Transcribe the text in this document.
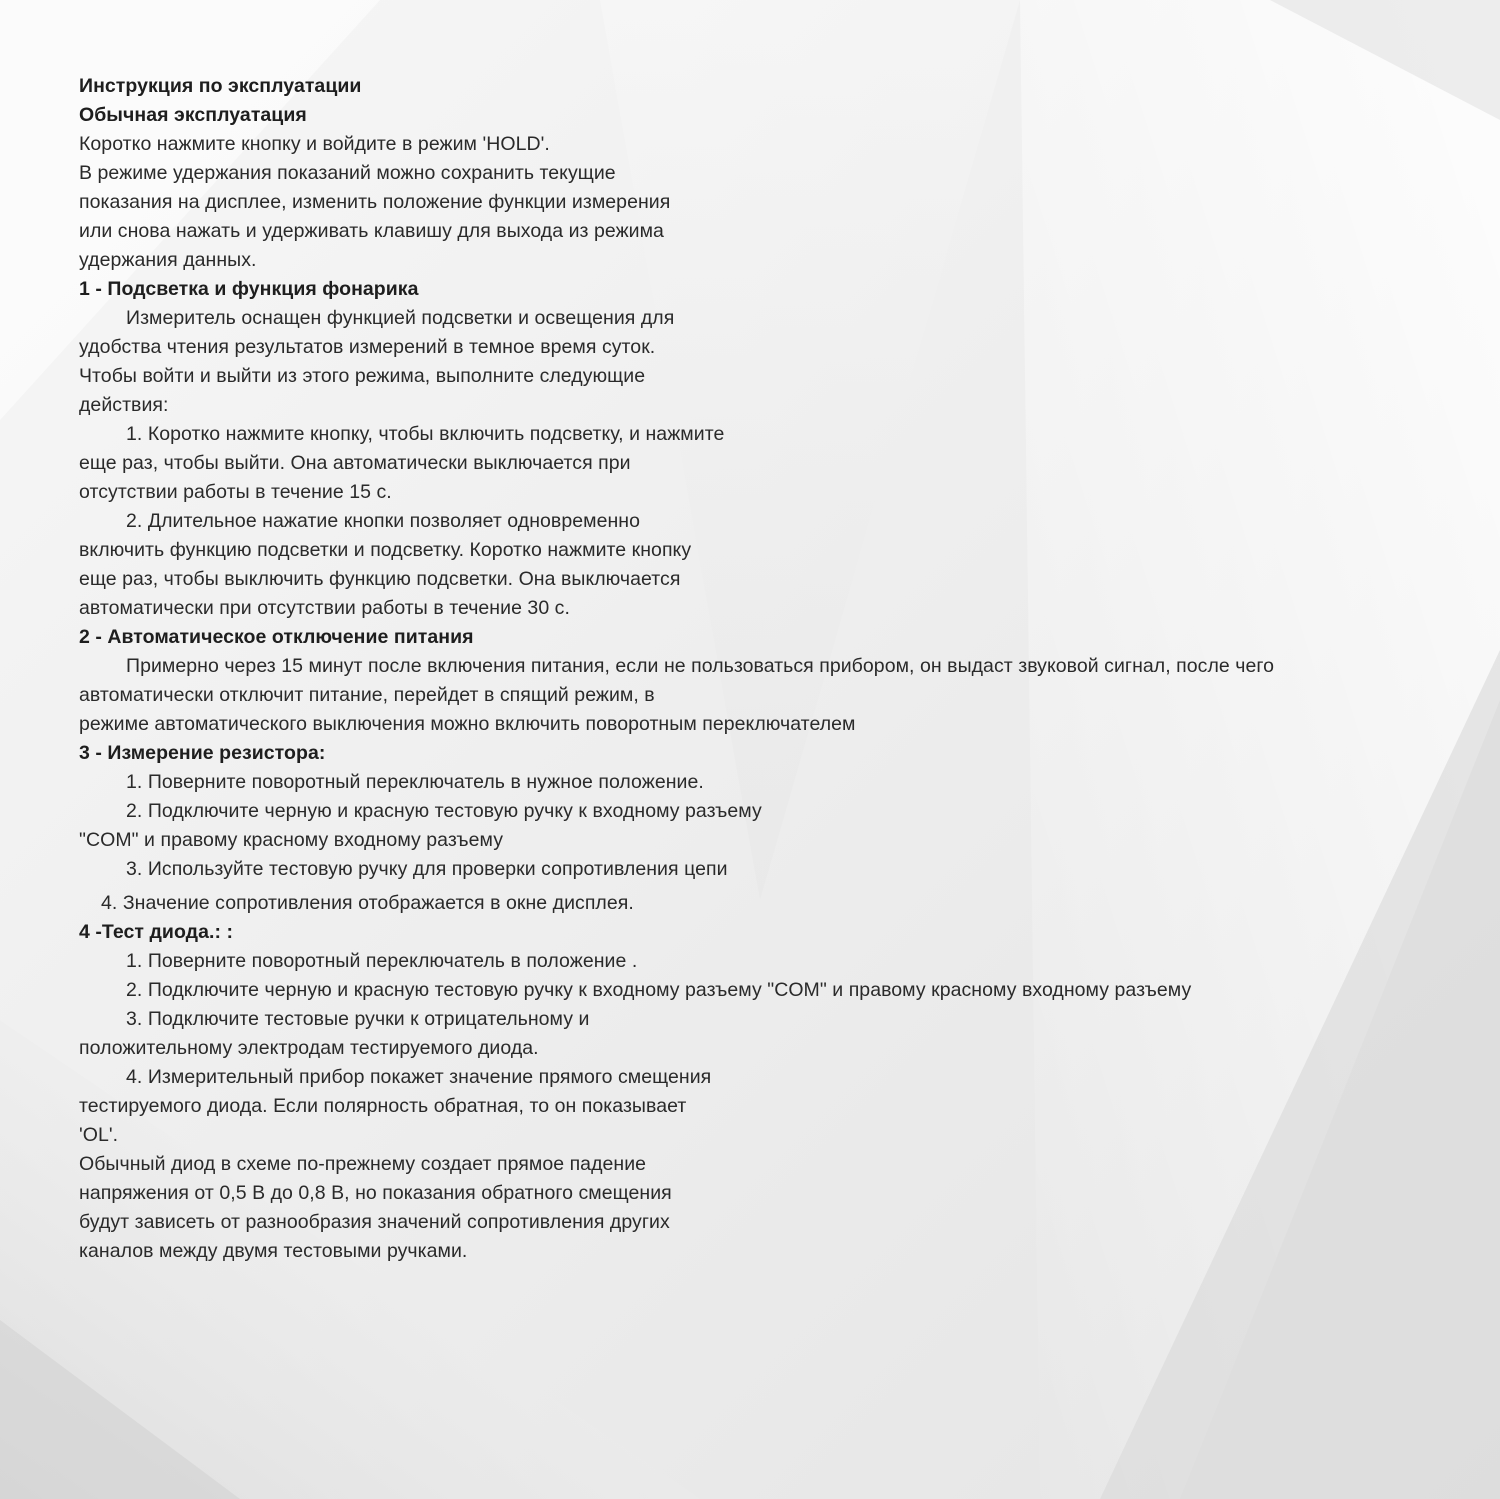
Инструкция по эксплуатации
Обычная эксплуатация
Коротко нажмите кнопку и войдите в режим 'HOLD'.
В режиме удержания показаний можно сохранить текущие
показания на дисплее, изменить положение функции измерения
или снова нажать и удерживать клавишу для выхода из режима
удержания данных.
1 - Подсветка и функция фонарика
Измеритель оснащен функцией подсветки и освещения для
удобства чтения результатов измерений в темное время суток.
Чтобы войти и выйти из этого режима, выполните следующие
действия:
1. Коротко нажмите кнопку, чтобы включить подсветку, и нажмите
еще раз, чтобы выйти. Она автоматически выключается при
отсутствии работы в течение 15 с.
2. Длительное нажатие кнопки позволяет одновременно
включить функцию подсветки и подсветку. Коротко нажмите кнопку
еще раз, чтобы выключить функцию подсветки. Она выключается
автоматически при отсутствии работы в течение 30 с.
2 - Автоматическое отключение питания
Примерно через 15 минут после включения питания, если не пользоваться прибором, он выдаст звуковой сигнал, после чего
автоматически отключит питание, перейдет в спящий режим, в
режиме автоматического выключения можно включить поворотным переключателем
3 - Измерение резистора:
1. Поверните поворотный переключатель в нужное положение.
2. Подключите черную и красную тестовую ручку к входному разъему
"COM" и правому красному входному разъему
3. Используйте тестовую ручку для проверки сопротивления цепи
4. Значение сопротивления отображается в окне дисплея.
4 -Тест диода.: :
1. Поверните поворотный переключатель в положение .
2. Подключите черную и красную тестовую ручку к входному разъему "COM" и правому красному входному разъему
3. Подключите тестовые ручки к отрицательному и
положительному электродам тестируемого диода.
4. Измерительный прибор покажет значение прямого смещения
тестируемого диода. Если полярность обратная, то он показывает
'OL'.
Обычный диод в схеме по-прежнему создает прямое падение
напряжения от 0,5 В до 0,8 В, но показания обратного смещения
будут зависеть от разнообразия значений сопротивления других
каналов между двумя тестовыми ручками.
